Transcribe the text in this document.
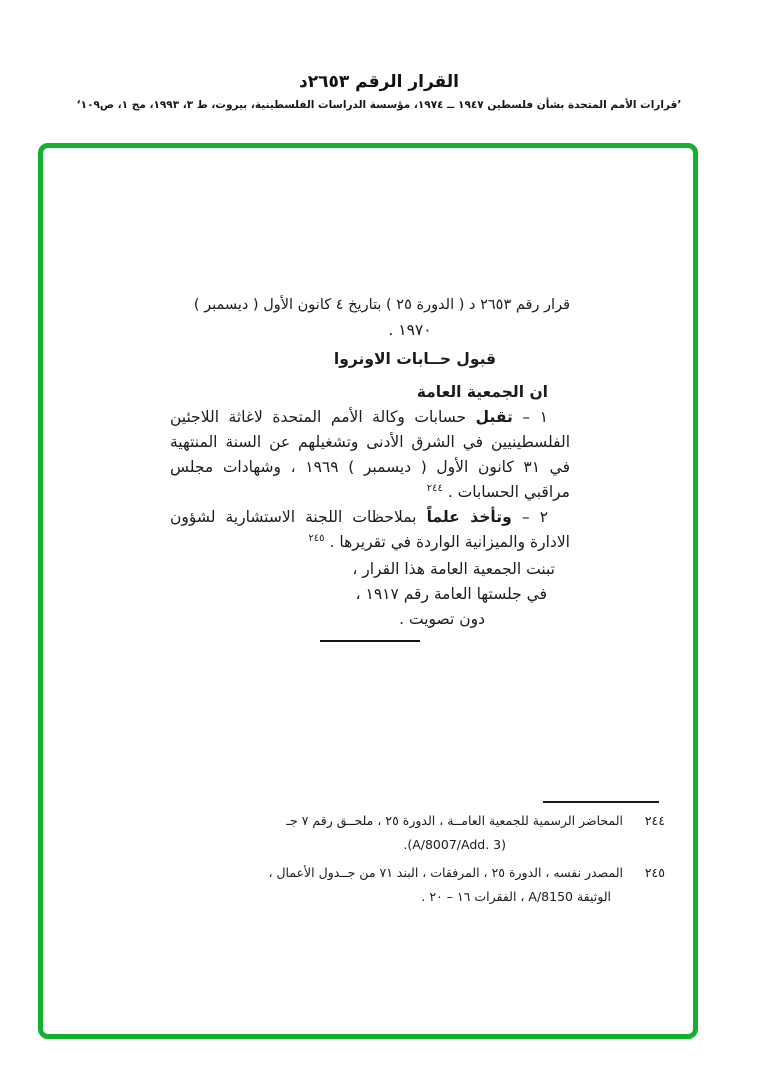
القرار الرقم ٢٦٥٣د
’قرارات الأمم المتحدة بشأن فلسطين ١٩٤٧ ــ ١٩٧٤، مؤسسة الدراسات الفلسطينية، بيروت، ط ٣، ١٩٩٣، مج ١، ص١٠٩‘
قرار رقم ٢٦٥٣ د ( الدورة ٢٥ ) بتاريخ ٤ كانون الأول ( ديسمبر )
١٩٧٠ .
قبول حــابات الاونروا
ان الجمعية العامة

١ – تقبل حسابات وكالة الأمم المتحدة لاغاثة اللاجئين الفلسطينيين في الشرق الأدنى وتشغيلهم عن السنة المنتهية في ٣١ كانون الأول ( ديسمبر ) ١٩٦٩ ، وشهادات مجلس مراقبي الحسابات . $^{٢٤٤}$

٢ – وتأخذ علماً بملاحظات اللجنة الاستشارية لشؤون الادارة والميزانية الواردة في تقريرها . $^{٢٤٥}$

تبنت الجمعية العامة هذا القرار ،
في جلستها العامة رقم ١٩١٧ ،
دون تصويت .
٢٤٤
المحاضر الرسمية للجمعية العامــة ، الدورة ٢٥ ، ملحــق رقم ٧ جـ
(A/8007/Add. 3).
٢٤٥
المصدر نفسه ، الدورة ٢٥ ، المرفقات ، البند ٧١ من جــدول الأعمال ،
الوثيقة A/8150 ، الفقرات ١٦ – ٢٠ .
